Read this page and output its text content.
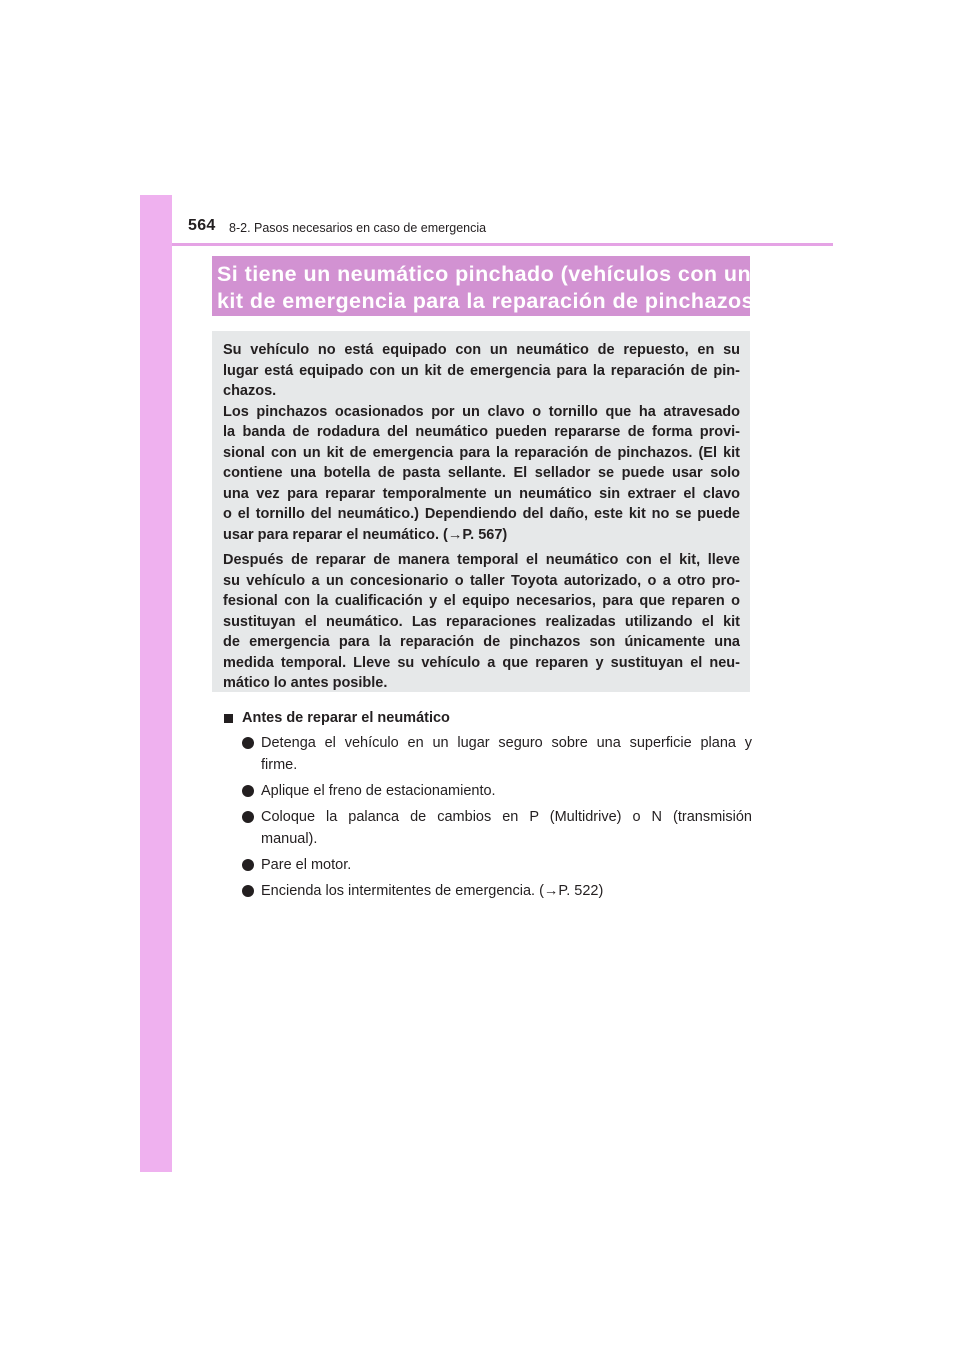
564 8-2. Pasos necesarios en caso de emergencia
Si tiene un neumático pinchado (vehículos con un
kit de emergencia para la reparación de pinchazos)

Su vehículo no está equipado con un neumático de repuesto, en su
lugar está equipado con un kit de emergencia para la reparación de pin-
chazos.

Los pinchazos ocasionados por un clavo o tornillo que ha atravesado
la banda de rodadura del neumático pueden repararse de forma provi-
sional con un kit de emergencia para la reparación de pinchazos. (El kit
contiene una botella de pasta sellante. El sellador se puede usar solo
una vez para reparar temporalmente un neumático sin extraer el clavo
o el tornillo del neumático.) Dependiendo del daño, este kit no se puede
usar para reparar el neumático. (→P. 567)

Después de reparar de manera temporal el neumático con el kit, lleve
su vehículo a un concesionario o taller Toyota autorizado, o a otro pro-
fesional con la cualificación y el equipo necesarios, para que reparen o
sustituyan el neumático. Las reparaciones realizadas utilizando el kit
de emergencia para la reparación de pinchazos son únicamente una
medida temporal. Lleve su vehículo a que reparen y sustituyan el neu-
mático lo antes posible.

Antes de reparar el neumático
Detenga el vehículo en un lugar seguro sobre una superficie plana y
firme.
Aplique el freno de estacionamiento.
Coloque la palanca de cambios en P (Multidrive) o N (transmisión
manual).
Pare el motor.
Encienda los intermitentes de emergencia. (→P. 522)
